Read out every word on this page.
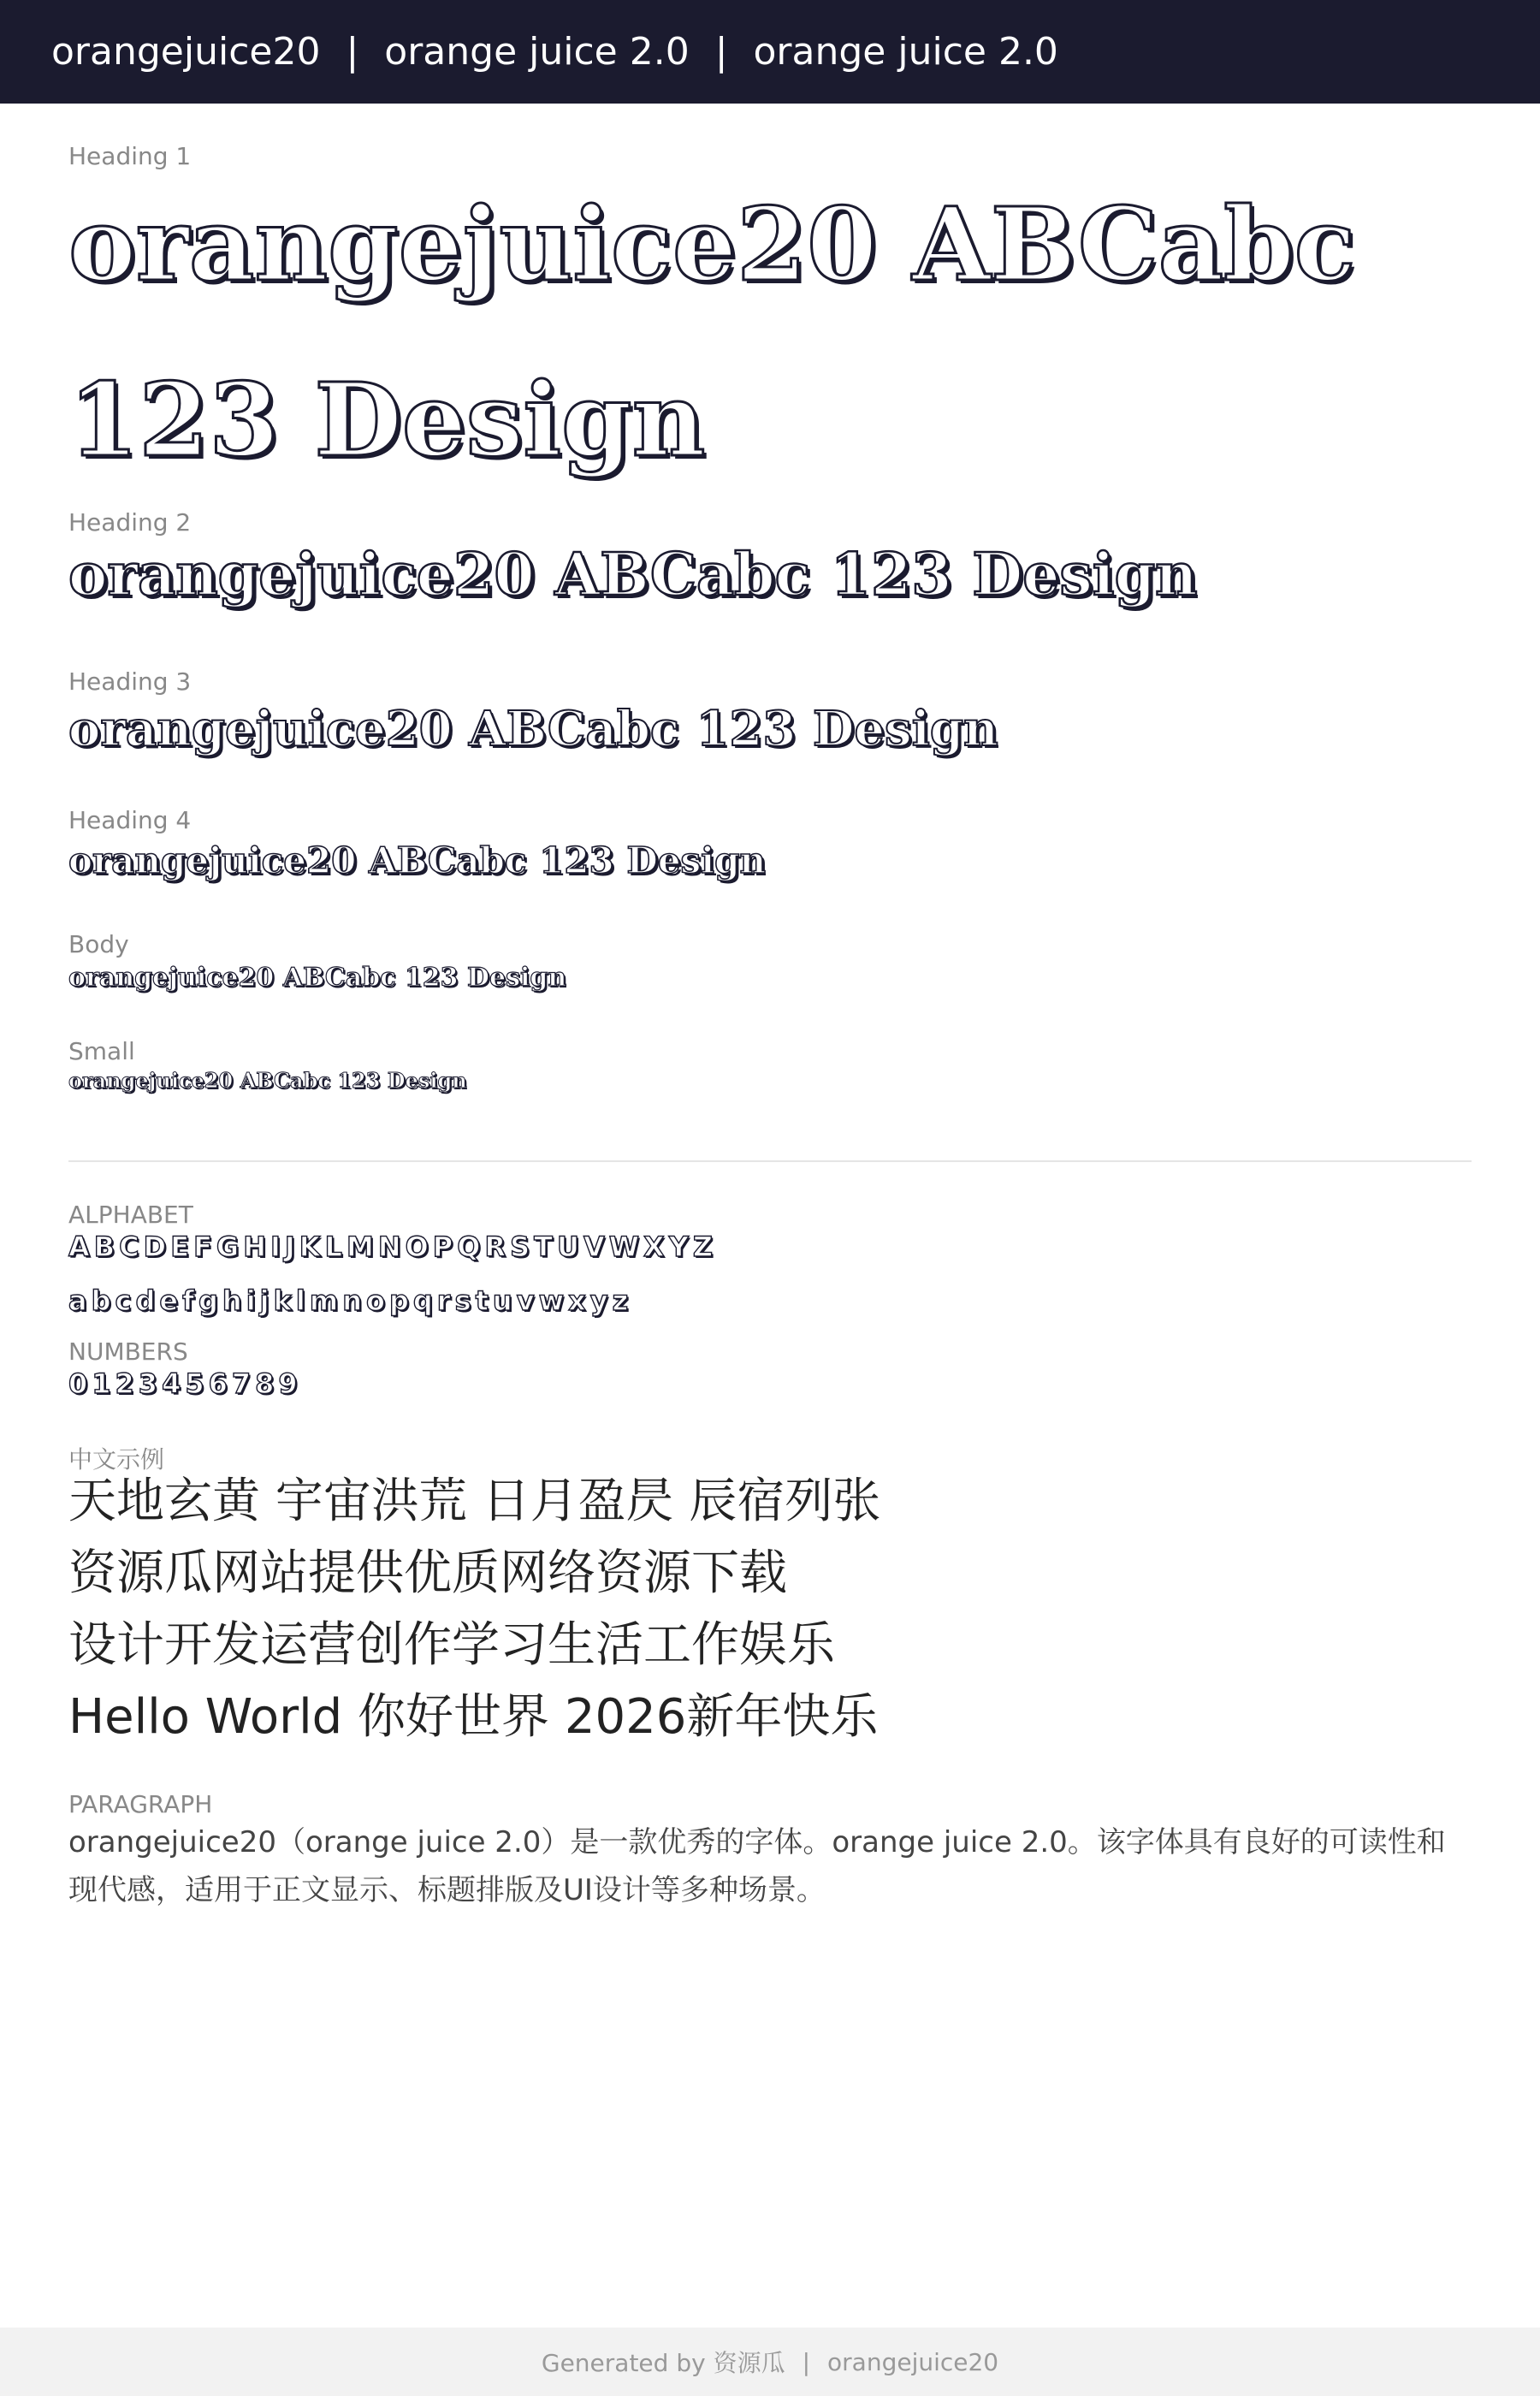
orangejuice20 | orange juice 2.0 | orange juice 2.0
Heading 1
orangejuice20 ABCabc 123 Design
Heading 2
orangejuice20 ABCabc 123 Design
Heading 3
orangejuice20 ABCabc 123 Design
Heading 4
orangejuice20 ABCabc 123 Design
Body
orangejuice20 ABCabc 123 Design
Small
orangejuice20 ABCabc 123 Design
ALPHABET
ABCDEFGHIJKLMNOPQRSTUVWXYZ
abcdefghijklmnopqrstuvwxyz
NUMBERS
0123456789
中文示例
天地玄黄 宇宙洪荒 日月盈昃 辰宿列张
资源瓜网站提供优质网络资源下载
设计开发运营创作学习生活工作娱乐
Hello World 你好世界 2026新年快乐
PARAGRAPH
orangejuice20（orange juice 2.0）是一款优秀的字体。orange juice 2.0。该字体具有良好的可读性和现代感，适用于正文显示、标题排版及UI设计等多种场景。
Generated by 资源瓜 | orangejuice20
